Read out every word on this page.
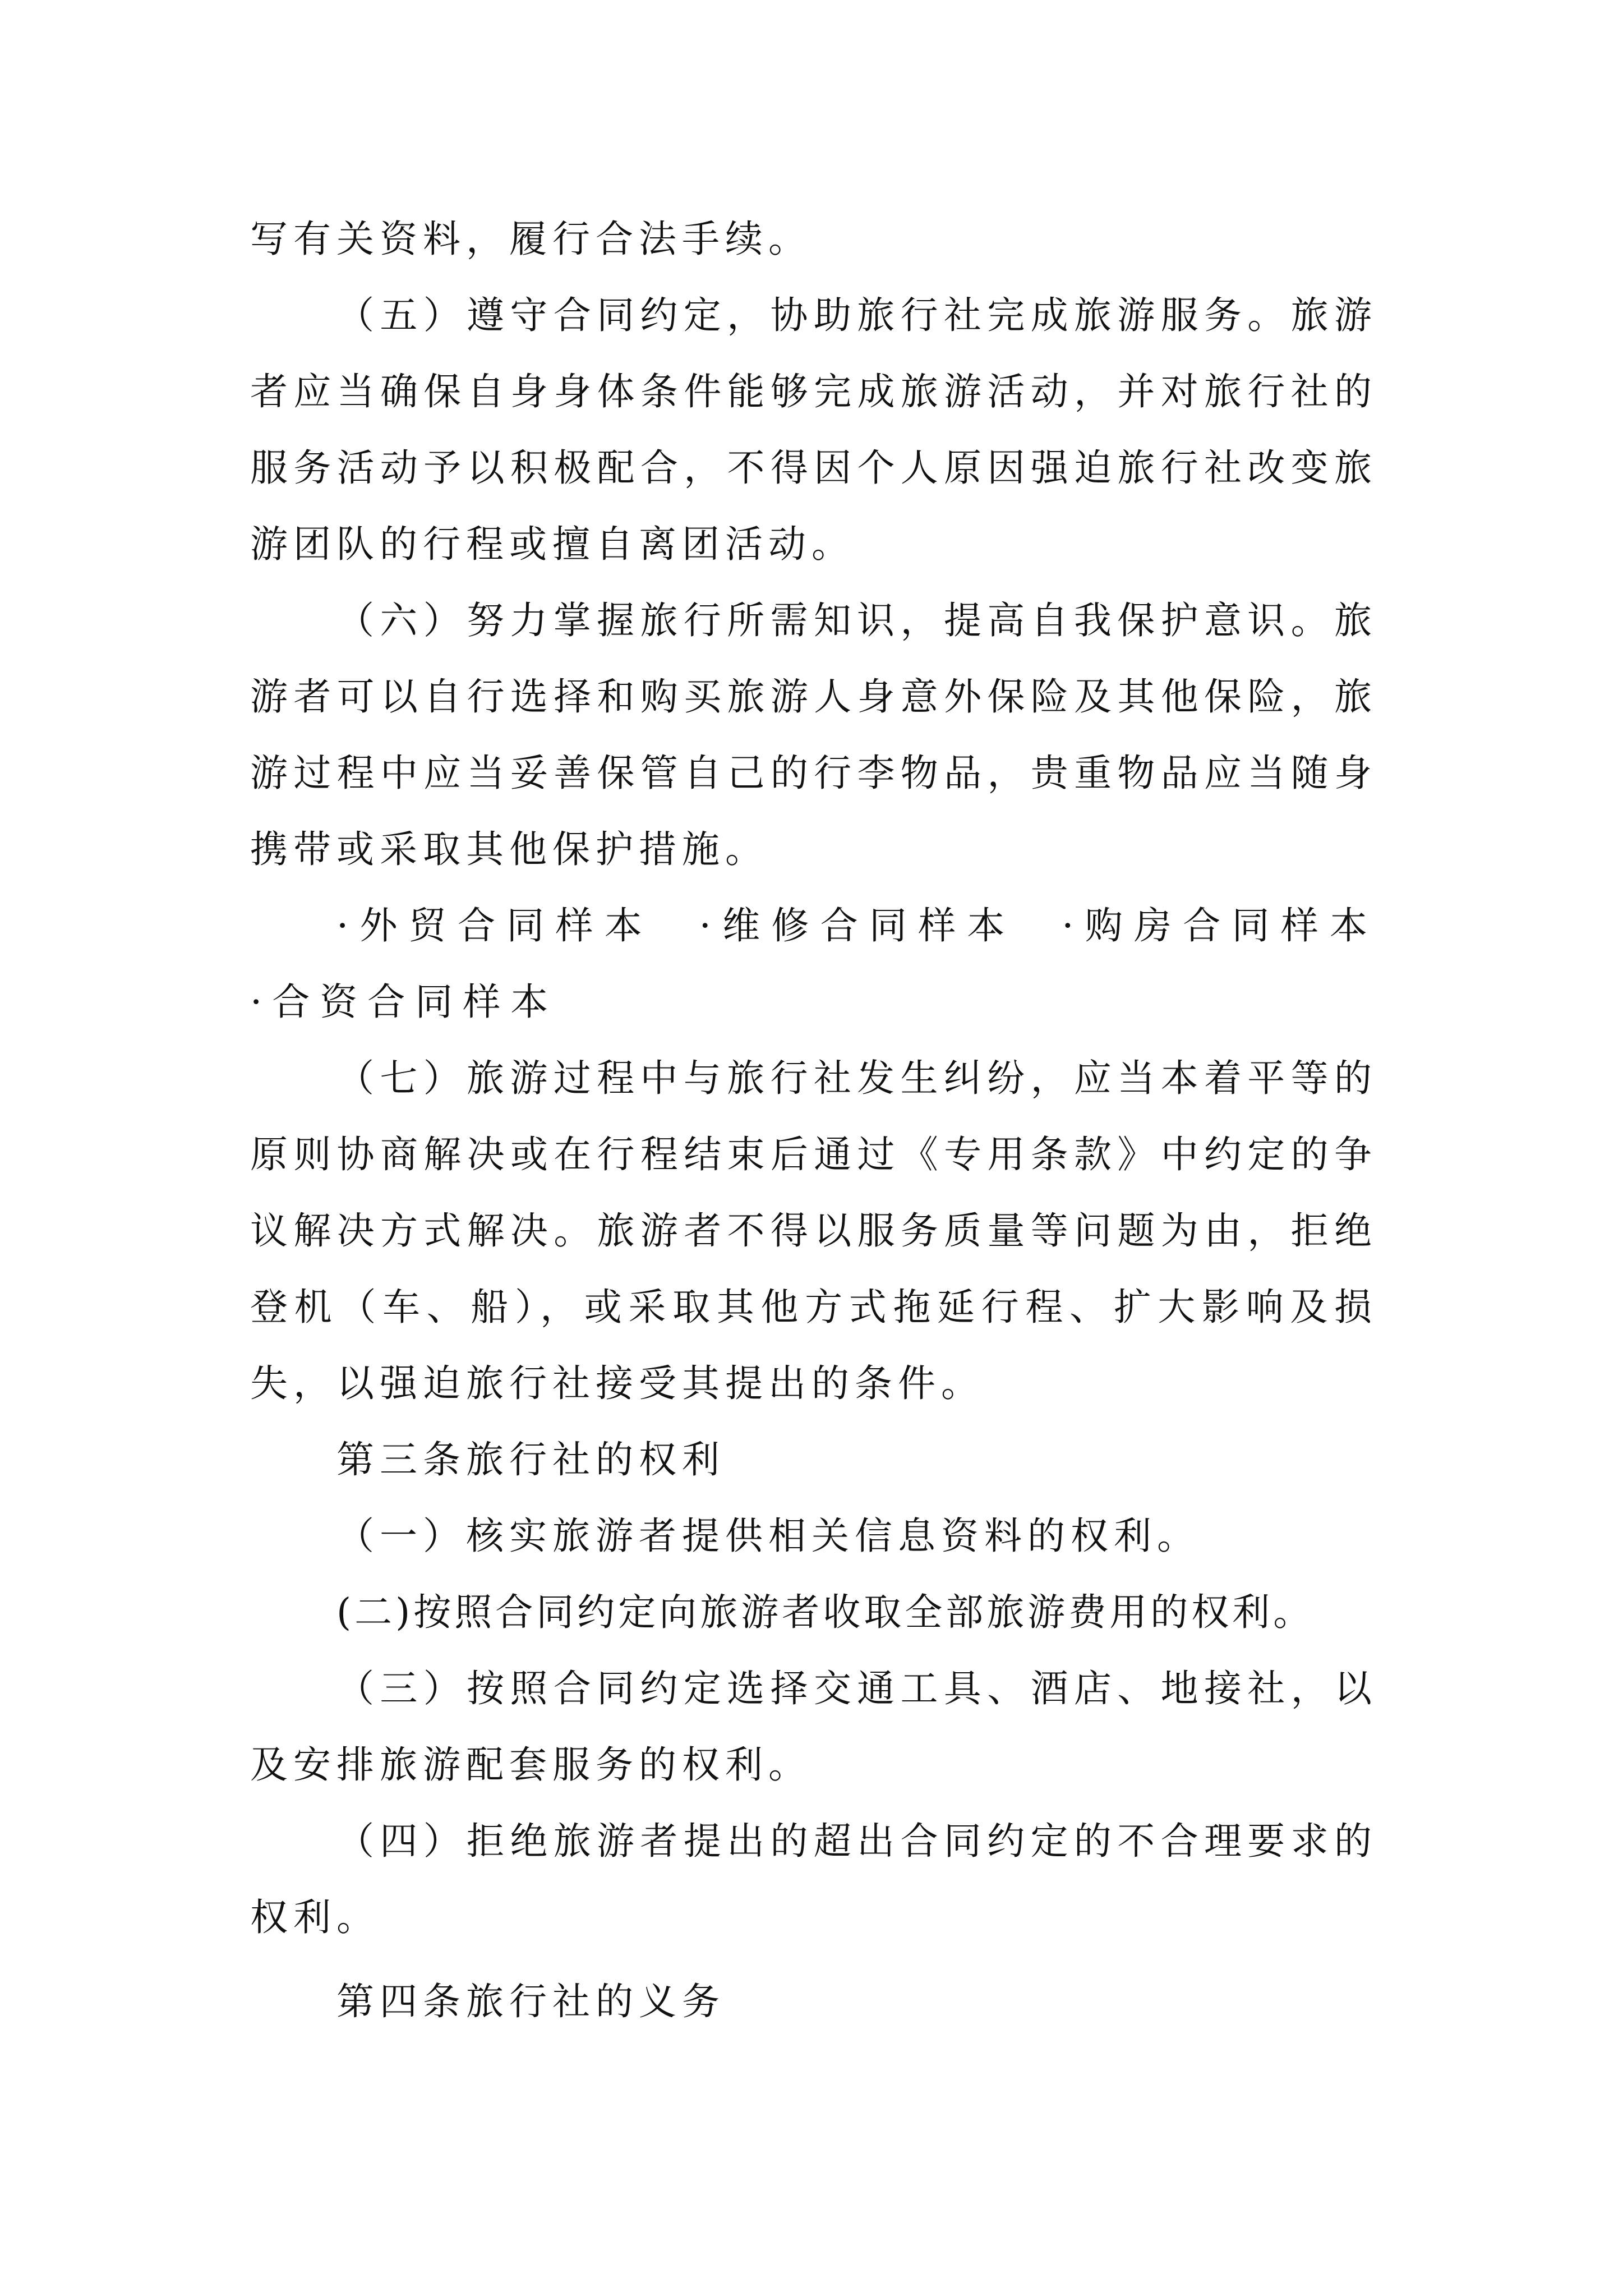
写有关资料，履行合法手续。

（五）遵守合同约定，协助旅行社完成旅游服务。旅游者应当确保自身身体条件能够完成旅游活动，并对旅行社的服务活动予以积极配合，不得因个人原因强迫旅行社改变旅游团队的行程或擅自离团活动。

（六）努力掌握旅行所需知识，提高自我保护意识。旅游者可以自行选择和购买旅游人身意外保险及其他保险，旅游过程中应当妥善保管自己的行李物品，贵重物品应当随身携带或采取其他保护措施。

·外贸合同样本 ·维修合同样本 ·购房合同样本 ·合资合同样本

（七）旅游过程中与旅行社发生纠纷，应当本着平等的原则协商解决或在行程结束后通过《专用条款》中约定的争议解决方式解决。旅游者不得以服务质量等问题为由，拒绝登机（车、船），或采取其他方式拖延行程、扩大影响及损失，以强迫旅行社接受其提出的条件。

第三条旅行社的权利

（一）核实旅游者提供相关信息资料的权利。

(二)按照合同约定向旅游者收取全部旅游费用的权利。

（三）按照合同约定选择交通工具、酒店、地接社，以及安排旅游配套服务的权利。

（四）拒绝旅游者提出的超出合同约定的不合理要求的权利。

第四条旅行社的义务
